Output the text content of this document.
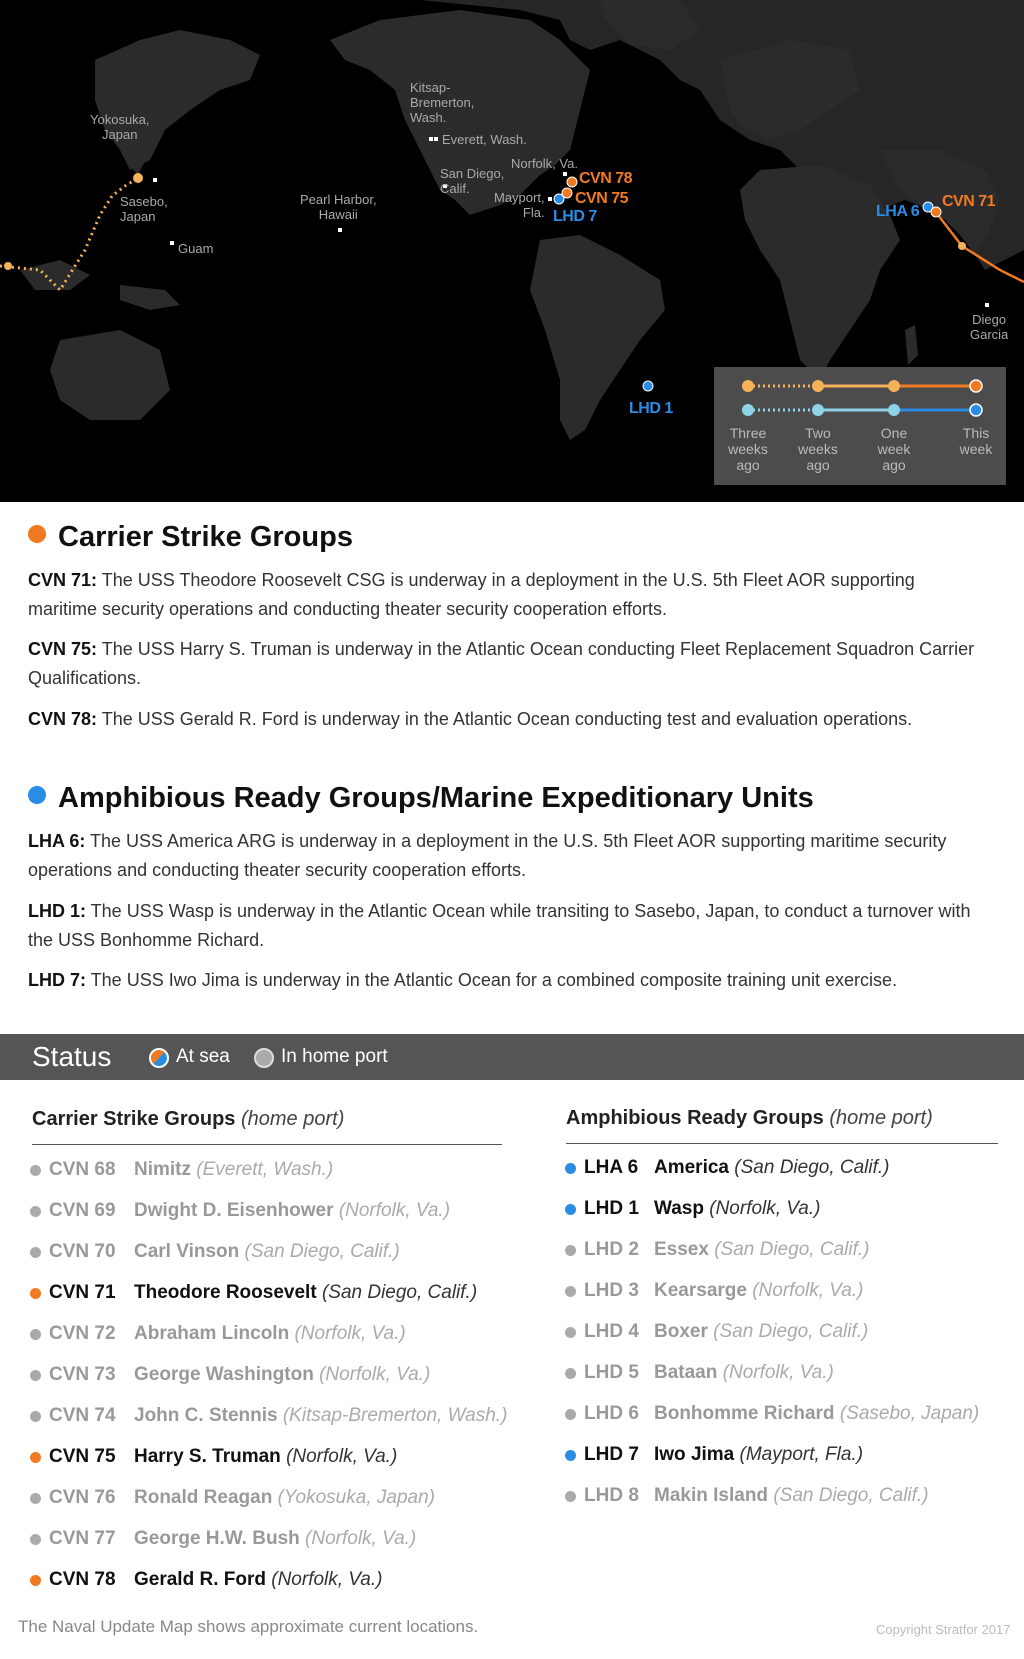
Yokosuka,
Japan
Sasebo,
Japan
Guam
Pearl Harbor,
Hawaii
Kitsap-
Bremerton,
Wash.
Everett, Wash.
San Diego,
Calif.
Norfolk, Va.
Mayport,
Fla.
Diego
Garcia
CVN 78
CVN 75
LHD 7	LHA 6
CVN 71
LHD 1
Three
weeks
ago
Two
weeks
ago
One
week
ago
This
week
Carrier Strike Groups
CVN 71: The USS Theodore Roosevelt CSG is underway in a deployment in the U.S. 5th Fleet AOR supporting maritime security operations and conducting theater security cooperation efforts.
CVN 75: The USS Harry S. Truman is underway in the Atlantic Ocean conducting Fleet Replacement Squadron Carrier Qualifications.
CVN 78: The USS Gerald R. Ford is underway in the Atlantic Ocean conducting test and evaluation operations.
Amphibious Ready Groups/Marine Expeditionary Units
LHA 6: The USS America ARG is underway in a deployment in the U.S. 5th Fleet AOR supporting maritime security operations and conducting theater security cooperation efforts.
LHD 1: The USS Wasp is underway in the Atlantic Ocean while transiting to Sasebo, Japan, to conduct a turnover with the USS Bonhomme Richard.
LHD 7: The USS Iwo Jima is underway in the Atlantic Ocean for a combined composite training unit exercise.
Status	At sea	In home port
Carrier Strike Groups (home port)	Amphibious Ready Groups (home port)
CVN 68 Nimitz (Everett, Wash.)
CVN 69 Dwight D. Eisenhower (Norfolk, Va.)
CVN 70 Carl Vinson (San Diego, Calif.)
CVN 71 Theodore Roosevelt (San Diego, Calif.)
CVN 72 Abraham Lincoln (Norfolk, Va.)
CVN 73 George Washington (Norfolk, Va.)
CVN 74 John C. Stennis (Kitsap-Bremerton, Wash.)
CVN 75 Harry S. Truman (Norfolk, Va.)
CVN 76 Ronald Reagan (Yokosuka, Japan)
CVN 77 George H.W. Bush (Norfolk, Va.)
CVN 78 Gerald R. Ford (Norfolk, Va.)
LHA 6 America (San Diego, Calif.)
LHD 1 Wasp (Norfolk, Va.)
LHD 2 Essex (San Diego, Calif.)
LHD 3 Kearsarge (Norfolk, Va.)
LHD 4 Boxer (San Diego, Calif.)
LHD 5 Bataan (Norfolk, Va.)
LHD 6 Bonhomme Richard (Sasebo, Japan)
LHD 7 Iwo Jima (Mayport, Fla.)
LHD 8 Makin Island (San Diego, Calif.)
The Naval Update Map shows approximate current locations.	Copyright Stratfor 2017
